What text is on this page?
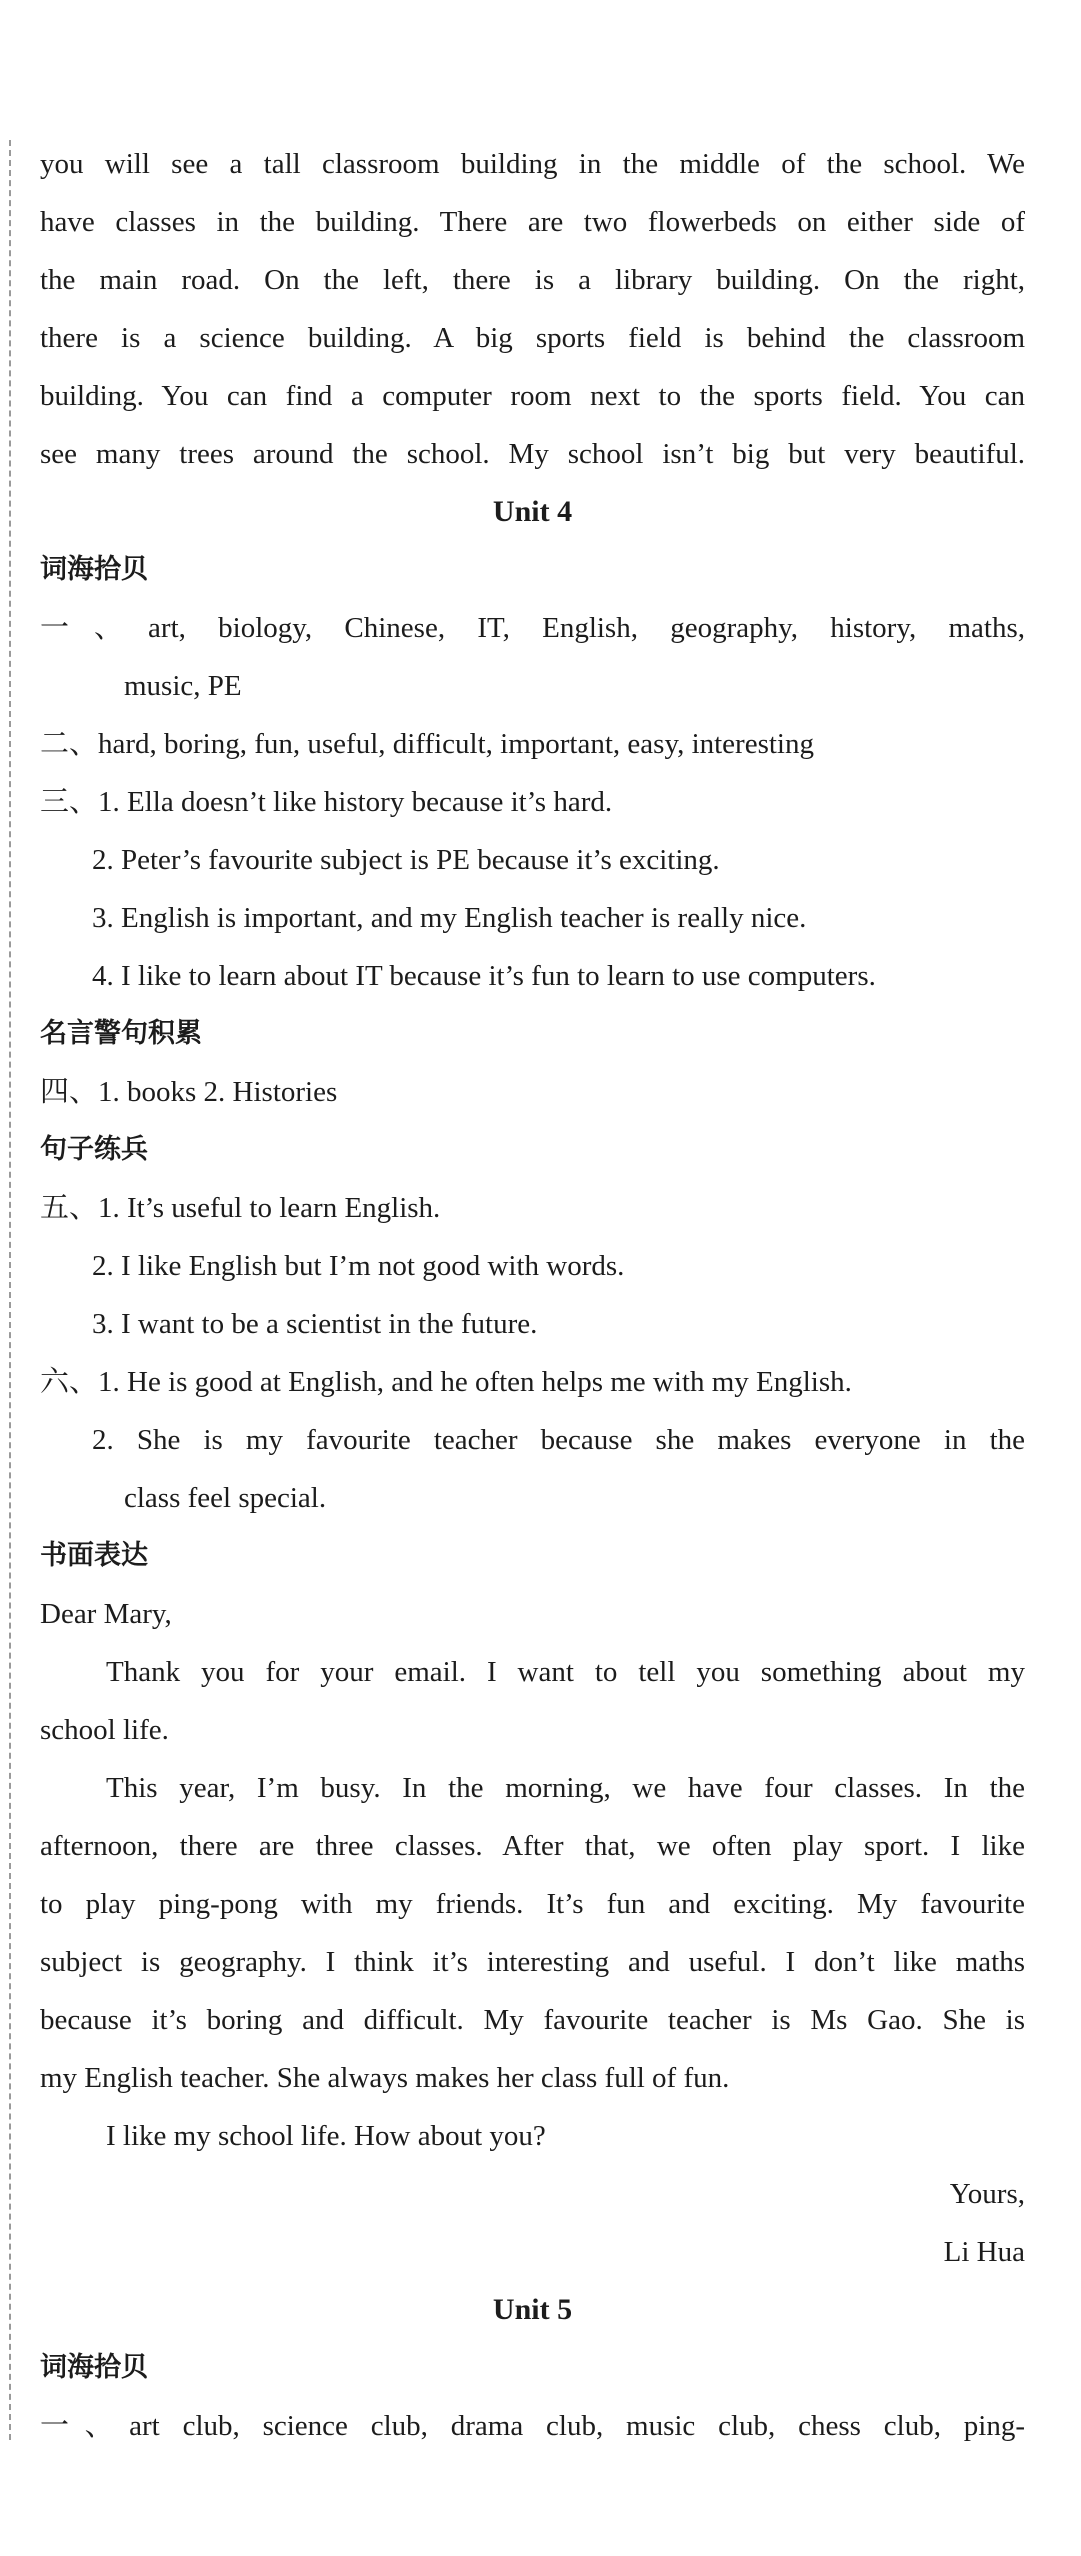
you will see a tall classroom building in the middle of the school. We
have classes in the building. There are two flowerbeds on either side of
the main road. On the left, there is a library building. On the right,
there is a science building. A big sports field is behind the classroom
building. You can find a computer room next to the sports field. You can
see many trees around the school. My school isn’t big but very beautiful.
Unit 4
词海拾贝
一、art, biology, Chinese, IT, English, geography, history, maths,
music, PE
二、hard, boring, fun, useful, difficult, important, easy, interesting
三、1. Ella doesn’t like history because it’s hard.
2. Peter’s favourite subject is PE because it’s exciting.
3. English is important, and my English teacher is really nice.
4. I like to learn about IT because it’s fun to learn to use computers.
名言警句积累
四、1. books 2. Histories
句子练兵
五、1. It’s useful to learn English.
2. I like English but I’m not good with words.
3. I want to be a scientist in the future.
六、1. He is good at English, and he often helps me with my English.
2. She is my favourite teacher because she makes everyone in the
class feel special.
书面表达
Dear Mary,
Thank you for your email. I want to tell you something about my
school life.
This year, I’m busy. In the morning, we have four classes. In the
afternoon, there are three classes. After that, we often play sport. I like
to play ping-pong with my friends. It’s fun and exciting. My favourite
subject is geography. I think it’s interesting and useful. I don’t like maths
because it’s boring and difficult. My favourite teacher is Ms Gao. She is
my English teacher. She always makes her class full of fun.
I like my school life. How about you?
Yours,
Li Hua
Unit 5
词海拾贝
一、art club, science club, drama club, music club, chess club, ping-
